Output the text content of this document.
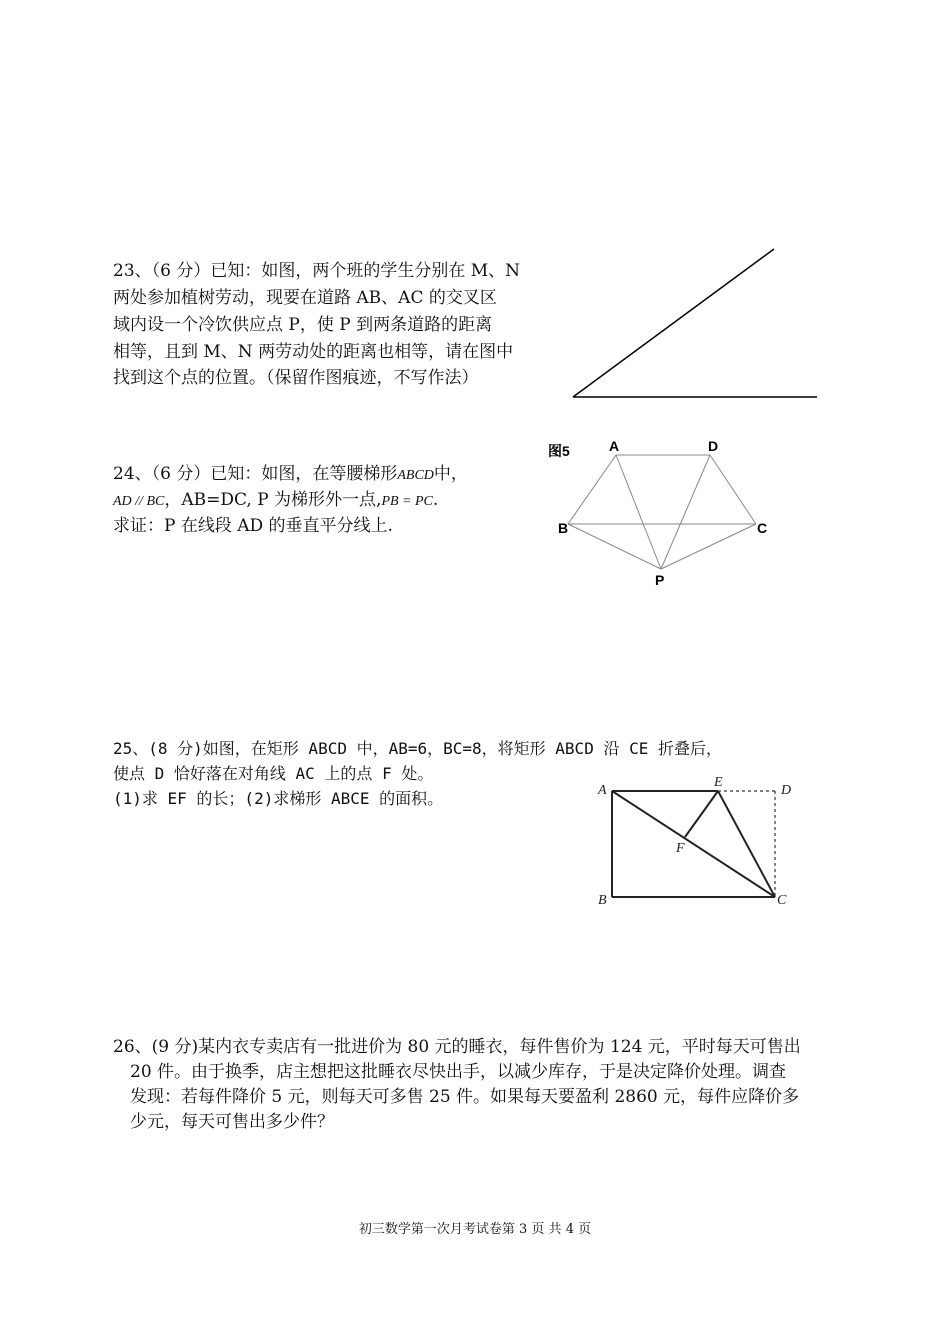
23、（6 分）已知：如图，两个班的学生分别在 M、N
两处参加植树劳动，现要在道路 AB、AC 的交叉区
域内设一个冷饮供应点 P，使 P 到两条道路的距离
相等，且到 M、N 两劳动处的距离也相等，请在图中
找到这个点的位置。（保留作图痕迹，不写作法）
24、（6 分）已知：如图，在等腰梯形ABCD中，
AD // BC，AB=DC, P 为梯形外一点,PB = PC.
求证：P 在线段 AD 的垂直平分线上.
图5	A	D
B	C
P
25、(8 分)如图，在矩形 ABCD 中，AB=6，BC=8，将矩形 ABCD 沿 CE 折叠后，
使点 D 恰好落在对角线 AC 上的点 F 处。
(1)求 EF 的长；(2)求梯形 ABCE 的面积。	A
B	C
D
E
F
26、(9 分)某内衣专卖店有一批进价为 80 元的睡衣，每件售价为 124 元，平时每天可售出
20 件。由于换季，店主想把这批睡衣尽快出手，以减少库存，于是决定降价处理。调查
发现：若每件降价 5 元，则每天可多售 25 件。如果每天要盈利 2860 元，每件应降价多
少元，每天可售出多少件？
初三数学第一次月考试卷第 3 页 共 4 页
